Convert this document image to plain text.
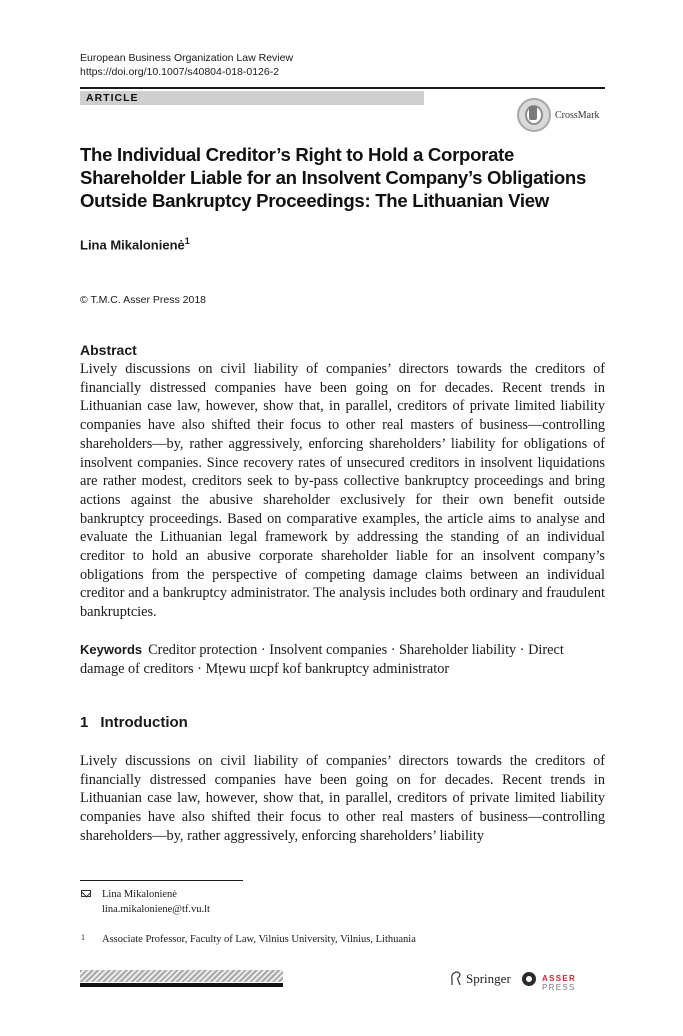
European Business Organization Law Review
https://doi.org/10.1007/s40804-018-0126-2
ARTICLE
CrossMark
The Individual Creditor’s Right to Hold a Corporate
Shareholder Liable for an Insolvent Company’s Obligations
Outside Bankruptcy Proceedings: The Lithuanian View
Lina Mikalonienė$^1$
© T.M.C. Asser Press 2018
Abstract
Lively discussions on civil liability of companies’ directors towards the creditors of financially distressed companies have been going on for decades. Recent trends in Lithuanian case law, however, show that, in parallel, creditors of private limited liability companies have also shifted their focus to other real masters of business—controlling shareholders—by, rather aggressively, enforcing shareholders’ liability for obligations of insolvent companies. Since recovery rates of unsecured creditors in insolvent liquidations are rather modest, creditors seek to by-pass collective bankruptcy proceedings and bring actions against the abusive shareholder exclusively for their own benefit outside bankruptcy proceedings. Based on comparative examples, the article aims to analyse and evaluate the Lithuanian legal framework by addressing the standing of an individual creditor to hold an abusive corporate shareholder liable for an insolvent company’s obligations from the perspective of competing damage claims between an individual creditor and a bankruptcy administrator. The analysis includes both ordinary and fraudulent bankruptcies.
Keywords Creditor protection · Insolvent companies · Shareholder liability · Direct damage of creditors · Mțewu шсрf kof bankruptcy administrator
1 Introduction
Lively discussions on civil liability of companies’ directors towards the creditors of financially distressed companies have been going on for decades. Recent trends in Lithuanian case law, however, show that, in parallel, creditors of private limited liability companies have also shifted their focus to other real masters of business—controlling shareholders—by, rather aggressively, enforcing shareholders’ liability
Lina Mikalonienė
lina.mikaloniene@tf.vu.lt
1 Associate Professor, Faculty of Law, Vilnius University, Vilnius, Lithuania
Springer	ASSER PRESS
